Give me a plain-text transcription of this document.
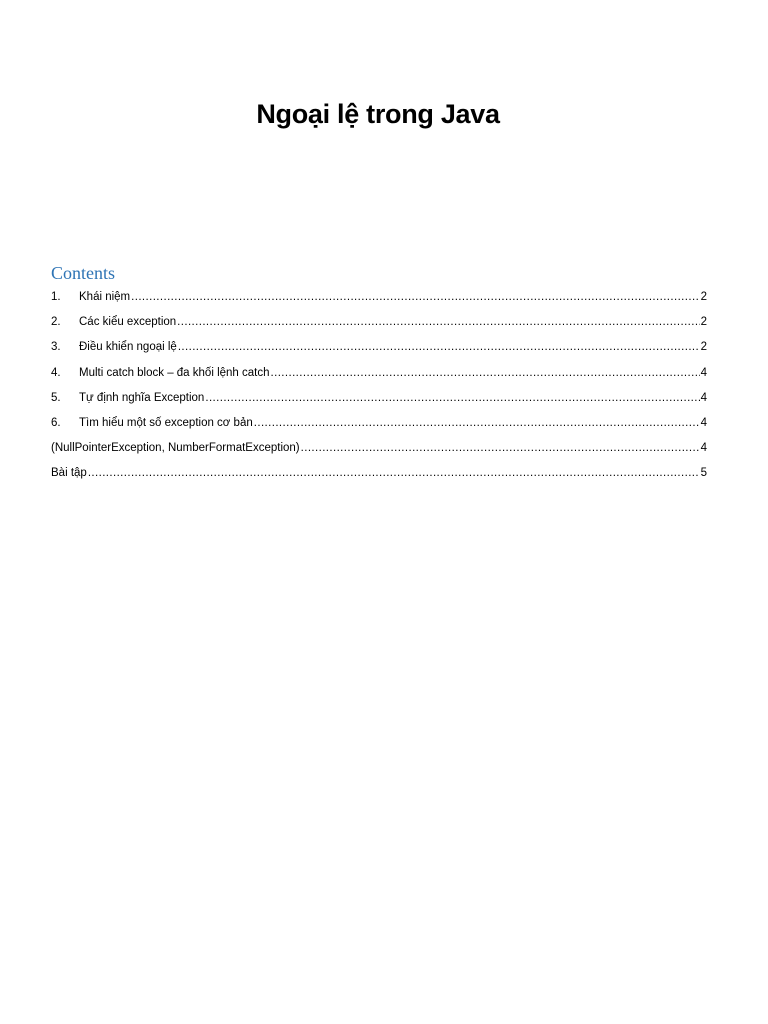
Ngoại lệ trong Java
Contents
1.	Khái niệm .....	2
2.	Các kiểu exception .....	2
3.	Điều khiển ngoại lệ .....	2
4.	Multi catch block – đa khối lệnh catch .....	4
5.	Tự định nghĩa Exception .....	4
6.	Tìm hiểu một số exception cơ bản .....	4
(NullPointerException, NumberFormatException) .....	4
Bài tập .....	5
